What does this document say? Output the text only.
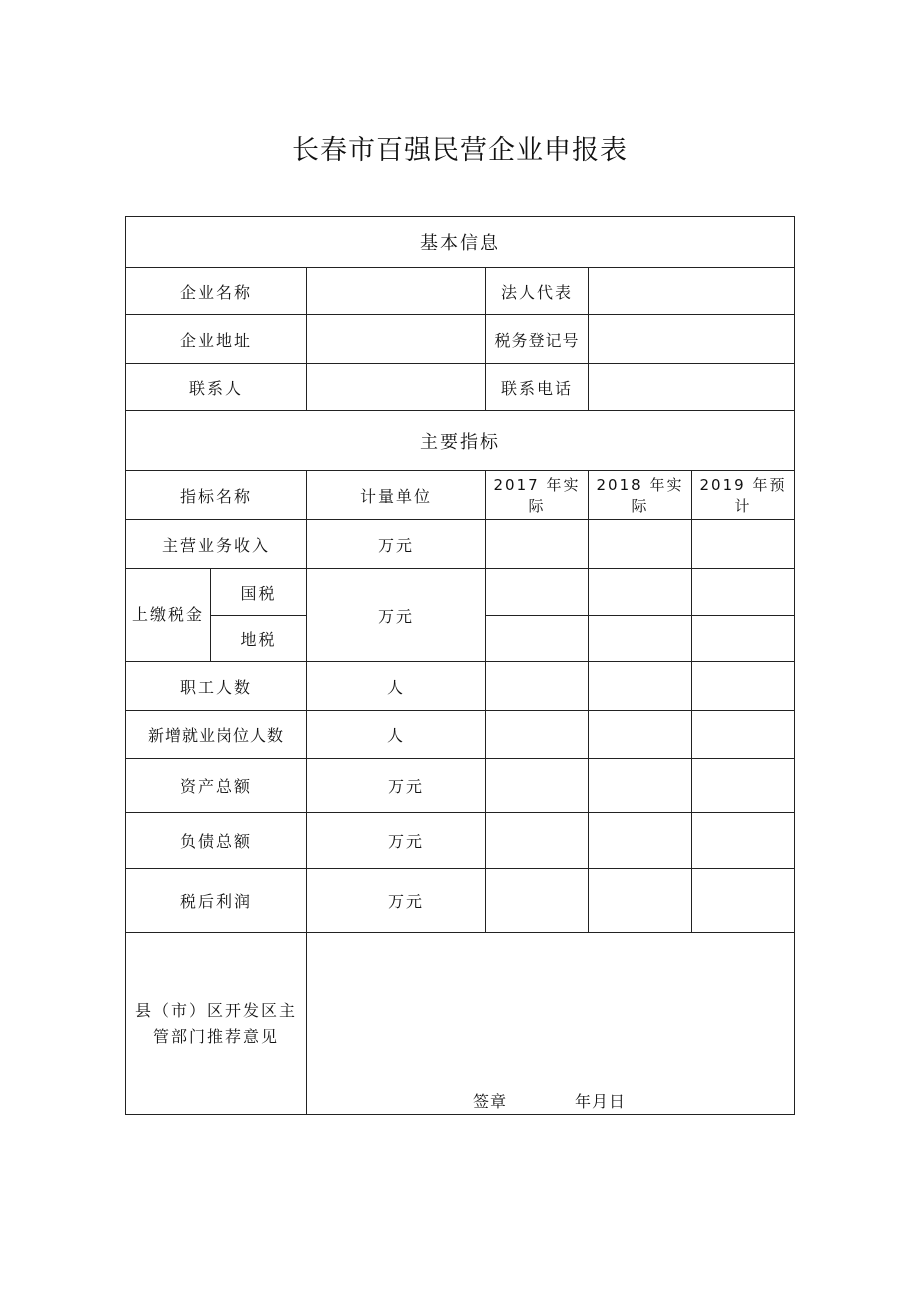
长春市百强民营企业申报表
基本信息					
企业名称			法人代表		
企业地址			税务登记号		
联系人			联系电话		
主要指标					
指标名称		计量单位	2017 年实际	2018 年实际	2019 年预计
主营业务收入		万元			
上缴税金	国税	万元			
	地税				
职工人数		人			
新增就业岗位人数		人			
资产总额		万元			
负债总额		万元			
税后利润		万元			
县（市）区开发区主管部门推荐意见		签章 年月日			
